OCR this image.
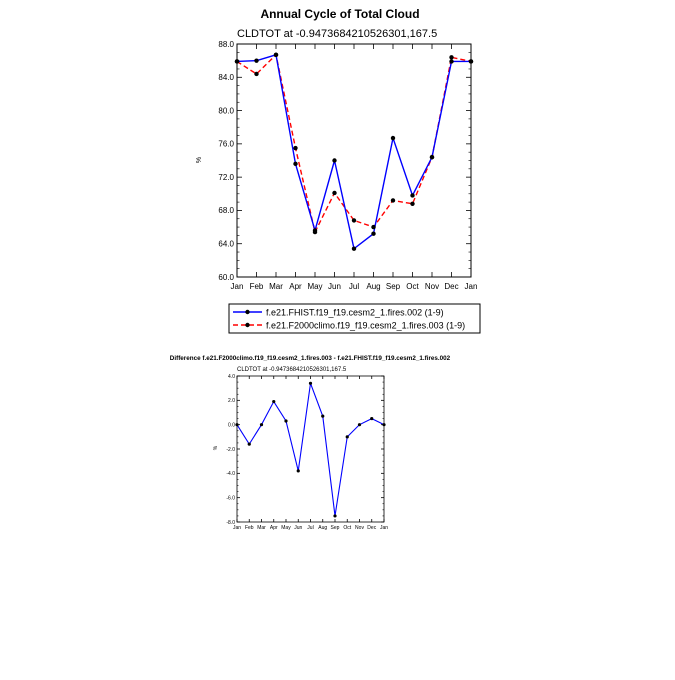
Annual Cycle of Total Cloud
CLDTOT at -0.9473684210526301,167.5
%
Jan Feb Mar Apr May Jun Jul Aug Sep Oct Nov Dec Jan
60.0
64.0
68.0
72.0
76.0
80.0
84.0
88.0
f.e21.FHIST.f19_f19.cesm2_1.fires.002 (1-9)
f.e21.F2000climo.f19_f19.cesm2_1.fires.003 (1-9)
Difference f.e21.F2000climo.f19_f19.cesm2_1.fires.003 - f.e21.FHIST.f19_f19.cesm2_1.fires.002
CLDTOT at -0.9473684210526301,167.5
%
Jan Feb Mar Apr May Jun Jul Aug Sep Oct Nov Dec Jan
-8.0
-6.0
-4.0
-2.0
0.0
2.0
4.0
